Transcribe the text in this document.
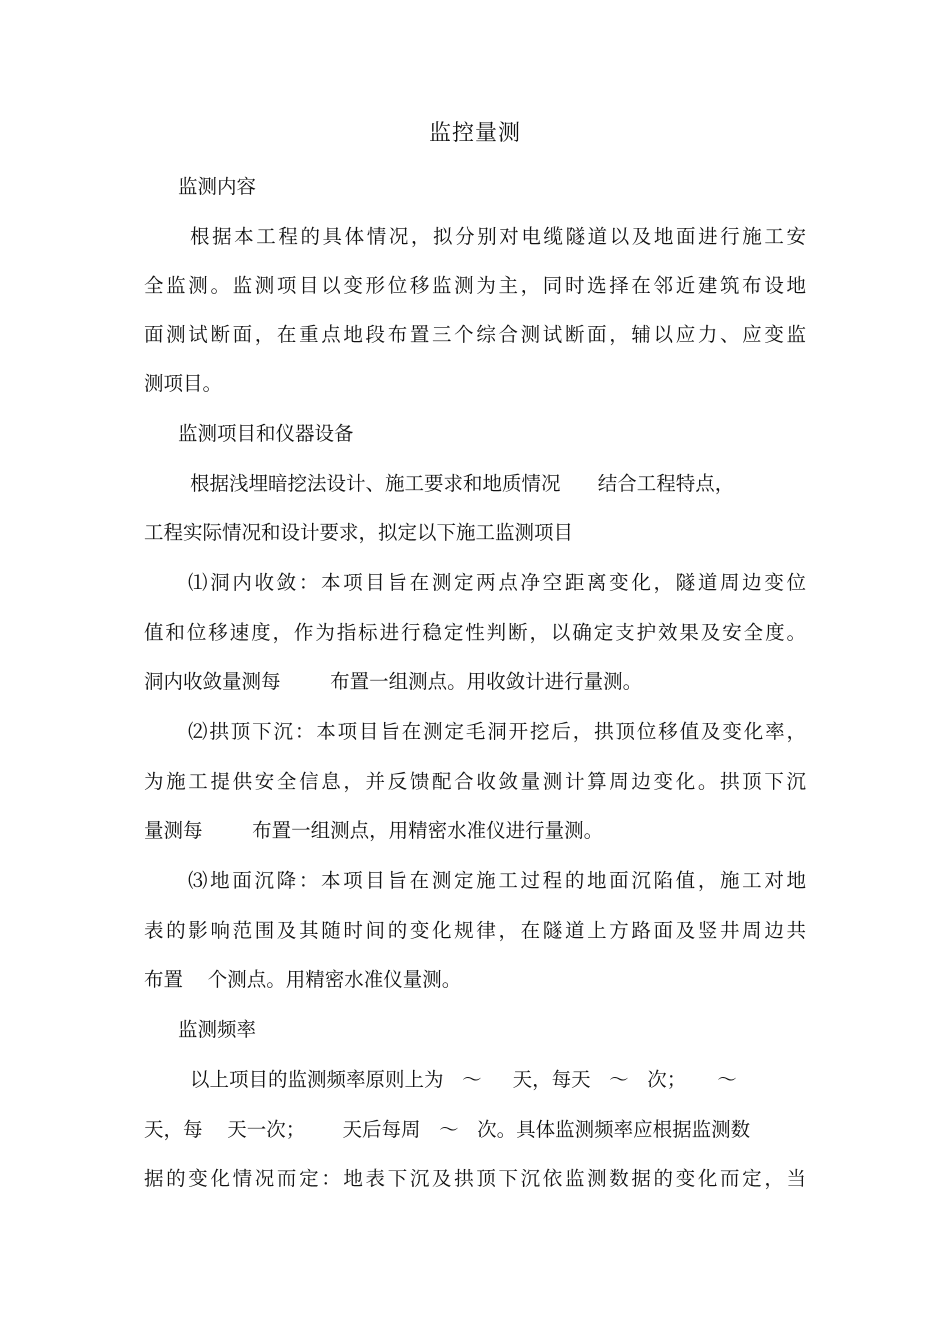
监控量测

监测内容

根据本工程的具体情况，拟分别对电缆隧道以及地面进行施工安

全监测。监测项目以变形位移监测为主，同时选择在邻近建筑布设地

面测试断面，在重点地段布置三个综合测试断面，辅以应力、应变监

测项目。

监测项目和仪器设备

根据浅埋暗挖法设计、施工要求和地质情况      结合工程特点，

工程实际情况和设计要求，拟定以下施工监测项目

⑴洞内收敛：本项目旨在测定两点净空距离变化，隧道周边变位

值和位移速度，作为指标进行稳定性判断，以确定支护效果及安全度。

洞内收敛量测每        布置一组测点。用收敛计进行量测。

⑵拱顶下沉：本项目旨在测定毛洞开挖后，拱顶位移值及变化率，

为施工提供安全信息，并反馈配合收敛量测计算周边变化。拱顶下沉

量测每        布置一组测点，用精密水准仪进行量测。

⑶地面沉降：本项目旨在测定施工过程的地面沉陷值，施工对地

表的影响范围及其随时间的变化规律，在隧道上方路面及竖井周边共

布置    个测点。用精密水准仪量测。

监测频率

以上项目的监测频率原则上为   ～     天，每天   ～   次；     ～

天，每    天一次；      天后每周   ～   次。具体监测频率应根据监测数

据的变化情况而定：地表下沉及拱顶下沉依监测数据的变化而定，当
